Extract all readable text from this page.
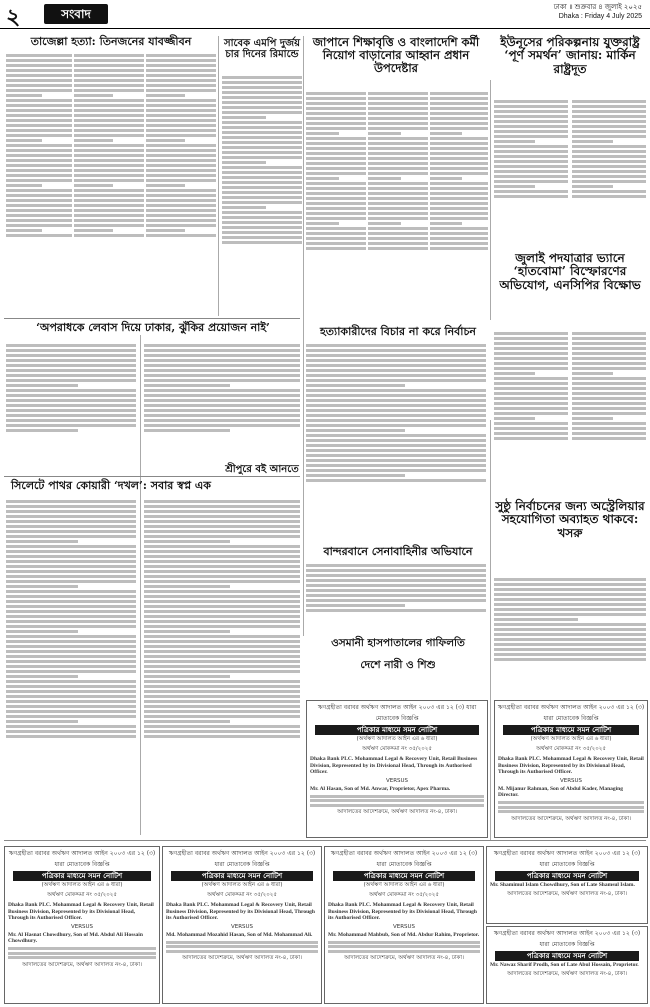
২	সংবাদ	ঢাকা ॥ শুক্রবার ৪ জুলাই ২০২৫
Dhaka : Friday 4 July 2025
তাজেল্লা হত্যা: তিনজনের যাবজ্জীবন	সাবেক এমপি দুর্জয় চার দিনের রিমান্ডে
জাপানে শিক্ষাবৃত্তি ও বাংলাদেশি কর্মী নিয়োগ বাড়ানোর আহ্বান প্রধান উপদেষ্টার
ইউনূসের পরিকল্পনায় যুক্তরাষ্ট্র ‘পূর্ণ সমর্থন’ জানায়: মার্কিন রাষ্ট্রদূত
জুলাই পদযাত্রার ভ্যানে ‘হাতবোমা’ বিস্ফোরণের অভিযোগ, এনসিপির বিক্ষোভ
‘অপরাধকে লেবাস দিয়ে ঢাকার, ঝুঁকির প্রয়োজন নাই’	হত্যাকারীদের বিচার না করে নির্বাচন
বান্দরবানে সেনাবাহিনীর অভিযানে
শ্রীপুরে বই আনতে
সিলেটে পাথর কোয়ারী ‘দখল’: সবার স্বপ্ন এক
ওসমানী হাসপাতালের গাফিলতি
দেশে নারী ও শিশু
সুষ্ঠু নির্বাচনের জন্য অস্ট্রেলিয়ার সহযোগিতা অব্যাহত থাকবে: খসরু
ঋণগ্রহীতা বরাবর অর্থঋণ আদালত আইন ২০০৩ এর ১২ (৩) ধারা মোতাবেক বিজ্ঞপ্তি
পত্রিকার মাধ্যমে সমন নোটিশ
(অর্থঋণ আদালত আইন এর ৬ ধারা)
অর্থঋণ মোকদ্দমা নং ৩৫/২০২৫
Dhaka Bank PLC. Mohammad Legal & Recovery Unit, Retail Business Division, Represented by its Divisional Head, Through its Authorised Officer.
VERSUS
Mr. Al Hasan, Son of Md. Anwar, Proprietor, Apex Pharma.
আদালতের আদেশক্রমে, অর্থঋণ আদালত নং-৪, ঢাকা।
ঋণগ্রহীতা বরাবর অর্থঋণ আদালত আইন ২০০৩ এর ১২ (৩) ধারা মোতাবেক বিজ্ঞপ্তি
পত্রিকার মাধ্যমে সমন নোটিশ
(অর্থঋণ আদালত আইন এর ৬ ধারা)
অর্থঋণ মোকদ্দমা নং ৩৫/২০২৫
Dhaka Bank PLC. Mohammad Legal & Recovery Unit, Retail Business Division, Represented by its Divisional Head, Through its Authorised Officer.
VERSUS
M. Mijanur Rahman, Son of Abdul Kader, Managing Director.
আদালতের আদেশক্রমে, অর্থঋণ আদালত নং-৪, ঢাকা।
ঋণগ্রহীতা বরাবর অর্থঋণ আদালত আইন ২০০৩ এর ১২ (৩) ধারা মোতাবেক বিজ্ঞপ্তি
পত্রিকার মাধ্যমে সমন নোটিশ
(অর্থঋণ আদালত আইন এর ৬ ধারা)
অর্থঋণ মোকদ্দমা নং ৩৫/২০২৫
Dhaka Bank PLC. Mohammad Legal & Recovery Unit, Retail Business Division, Represented by its Divisional Head, Through its Authorised Officer.
VERSUS
Mr. Al Hasnat Chowdhury, Son of Md. Abdul Ali Hossain Chowdhury.
আদালতের আদেশক্রমে, অর্থঋণ আদালত নং-৪, ঢাকা।
ঋণগ্রহীতা বরাবর অর্থঋণ আদালত আইন ২০০৩ এর ১২ (৩) ধারা মোতাবেক বিজ্ঞপ্তি
পত্রিকার মাধ্যমে সমন নোটিশ
(অর্থঋণ আদালত আইন এর ৬ ধারা)
অর্থঋণ মোকদ্দমা নং ৩৫/২০২৫
Dhaka Bank PLC. Mohammad Legal & Recovery Unit, Retail Business Division, Represented by its Divisional Head, Through its Authorised Officer.
VERSUS
Md. Mohammad Mozahid Hasan, Son of Md. Mohammad Ali.
আদালতের আদেশক্রমে, অর্থঋণ আদালত নং-৪, ঢাকা।
ঋণগ্রহীতা বরাবর অর্থঋণ আদালত আইন ২০০৩ এর ১২ (৩) ধারা মোতাবেক বিজ্ঞপ্তি
পত্রিকার মাধ্যমে সমন নোটিশ
(অর্থঋণ আদালত আইন এর ৬ ধারা)
অর্থঋণ মোকদ্দমা নং ৩৫/২০২৫
Dhaka Bank PLC. Mohammad Legal & Recovery Unit, Retail Business Division, Represented by its Divisional Head, Through its Authorised Officer.
VERSUS
Mr. Mohammad Mahbub, Son of Md. Abdur Rahim, Proprietor.
আদালতের আদেশক্রমে, অর্থঋণ আদালত নং-৪, ঢাকা।
ঋণগ্রহীতা বরাবর অর্থঋণ আদালত আইন ২০০৩ এর ১২ (৩) ধারা মোতাবেক বিজ্ঞপ্তি
পত্রিকার মাধ্যমে সমন নোটিশ
Mr. Shamimul Islam Chowdhury, Son of Late Shamsul Islam.
আদালতের আদেশক্রমে, অর্থঋণ আদালত নং-৪, ঢাকা।
ঋণগ্রহীতা বরাবর অর্থঋণ আদালত আইন ২০০৩ এর ১২ (৩) ধারা মোতাবেক বিজ্ঞপ্তি
পত্রিকার মাধ্যমে সমন নোটিশ
Mr. Nawaz Sharif Prodh, Son of Late Abul Hossain, Proprietor.
আদালতের আদেশক্রমে, অর্থঋণ আদালত নং-৪, ঢাকা।
